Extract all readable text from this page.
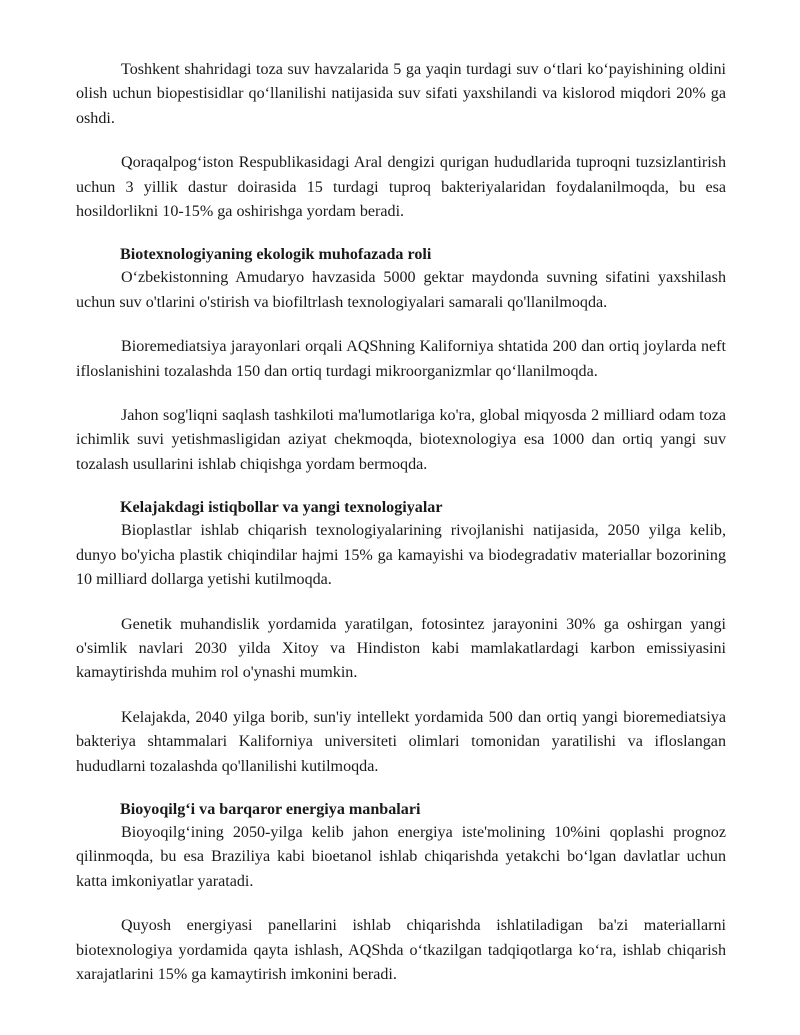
Toshkent shahridagi toza suv havzalarida 5 ga yaqin turdagi suv o‘tlari ko‘payishining oldini olish uchun biopestisidlar qo‘llanilishi natijasida suv sifati yaxshilandi va kislorod miqdori 20% ga oshdi.

Qoraqalpog‘iston Respublikasidagi Aral dengizi qurigan hududlarida tuproqni tuzsizlantirish uchun 3 yillik dastur doirasida 15 turdagi tuproq bakteriyalaridan foydalanilmoqda, bu esa hosildorlikni 10-15% ga oshirishga yordam beradi.

Biotexnologiyaning ekologik muhofazada roli

O‘zbekistonning Amudaryo havzasida 5000 gektar maydonda suvning sifatini yaxshilash uchun suv o'tlarini o'stirish va biofiltrlash texnologiyalari samarali qo'llanilmoqda.

Bioremediatsiya jarayonlari orqali AQShning Kaliforniya shtatida 200 dan ortiq joylarda neft ifloslanishini tozalashda 150 dan ortiq turdagi mikroorganizmlar qo‘llanilmoqda.

Jahon sog'liqni saqlash tashkiloti ma'lumotlariga ko'ra, global miqyosda 2 milliard odam toza ichimlik suvi yetishmasligidan aziyat chekmoqda, biotexnologiya esa 1000 dan ortiq yangi suv tozalash usullarini ishlab chiqishga yordam bermoqda.

Kelajakdagi istiqbollar va yangi texnologiyalar

Bioplastlar ishlab chiqarish texnologiyalarining rivojlanishi natijasida, 2050 yilga kelib, dunyo bo'yicha plastik chiqindilar hajmi 15% ga kamayishi va biodegradativ materiallar bozorining 10 milliard dollarga yetishi kutilmoqda.

Genetik muhandislik yordamida yaratilgan, fotosintez jarayonini 30% ga oshirgan yangi o'simlik navlari 2030 yilda Xitoy va Hindiston kabi mamlakatlardagi karbon emissiyasini kamaytirishda muhim rol o'ynashi mumkin.

Kelajakda, 2040 yilga borib, sun'iy intellekt yordamida 500 dan ortiq yangi bioremediatsiya bakteriya shtammalari Kaliforniya universiteti olimlari tomonidan yaratilishi va ifloslangan hududlarni tozalashda qo'llanilishi kutilmoqda.

Bioyoqilg‘i va barqaror energiya manbalari

Bioyoqilg‘ining 2050-yilga kelib jahon energiya iste'molining 10%ini qoplashi prognoz qilinmoqda, bu esa Braziliya kabi bioetanol ishlab chiqarishda yetakchi bo‘lgan davlatlar uchun katta imkoniyatlar yaratadi.

Quyosh energiyasi panellarini ishlab chiqarishda ishlatiladigan ba'zi materiallarni biotexnologiya yordamida qayta ishlash, AQShda o‘tkazilgan tadqiqotlarga ko‘ra, ishlab chiqarish xarajatlarini 15% ga kamaytirish imkonini beradi.
